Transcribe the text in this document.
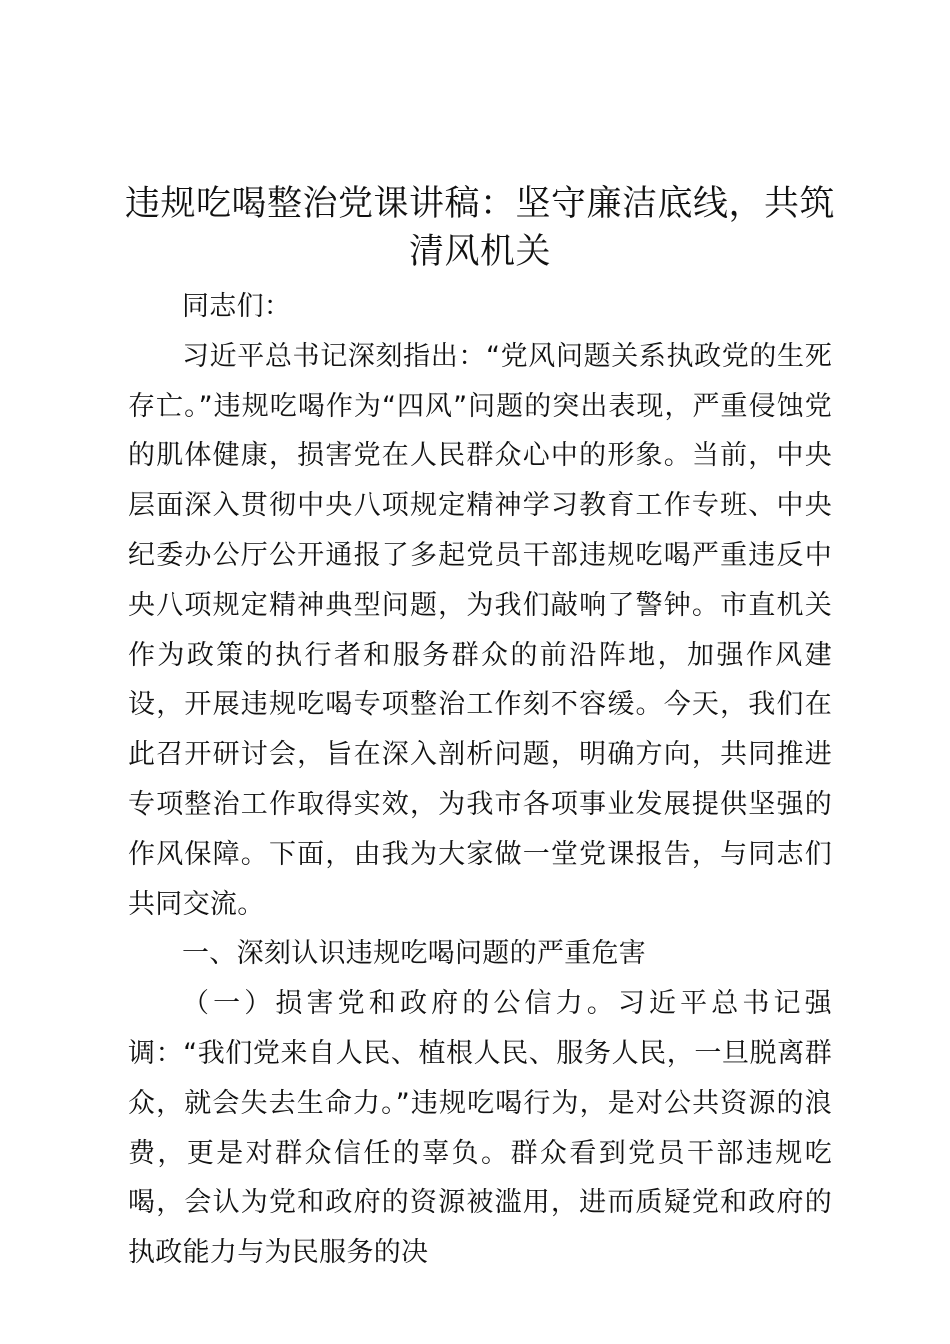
违规吃喝整治党课讲稿：坚守廉洁底线，共筑清风机关

同志们：

习近平总书记深刻指出：“党风问题关系执政党的生死存亡。”违规吃喝作为“四风”问题的突出表现，严重侵蚀党的肌体健康，损害党在人民群众心中的形象。当前，中央层面深入贯彻中央八项规定精神学习教育工作专班、中央纪委办公厅公开通报了多起党员干部违规吃喝严重违反中央八项规定精神典型问题，为我们敲响了警钟。市直机关作为政策的执行者和服务群众的前沿阵地，加强作风建设，开展违规吃喝专项整治工作刻不容缓。今天，我们在此召开研讨会，旨在深入剖析问题，明确方向，共同推进专项整治工作取得实效，为我市各项事业发展提供坚强的作风保障。下面，由我为大家做一堂党课报告，与同志们共同交流。

一、深刻认识违规吃喝问题的严重危害

（一）损害党和政府的公信力。习近平总书记强调：“我们党来自人民、植根人民、服务人民，一旦脱离群众，就会失去生命力。”违规吃喝行为，是对公共资源的浪费，更是对群众信任的辜负。群众看到党员干部违规吃喝，会认为党和政府的资源被滥用，进而质疑党和政府的执政能力与为民服务的决
